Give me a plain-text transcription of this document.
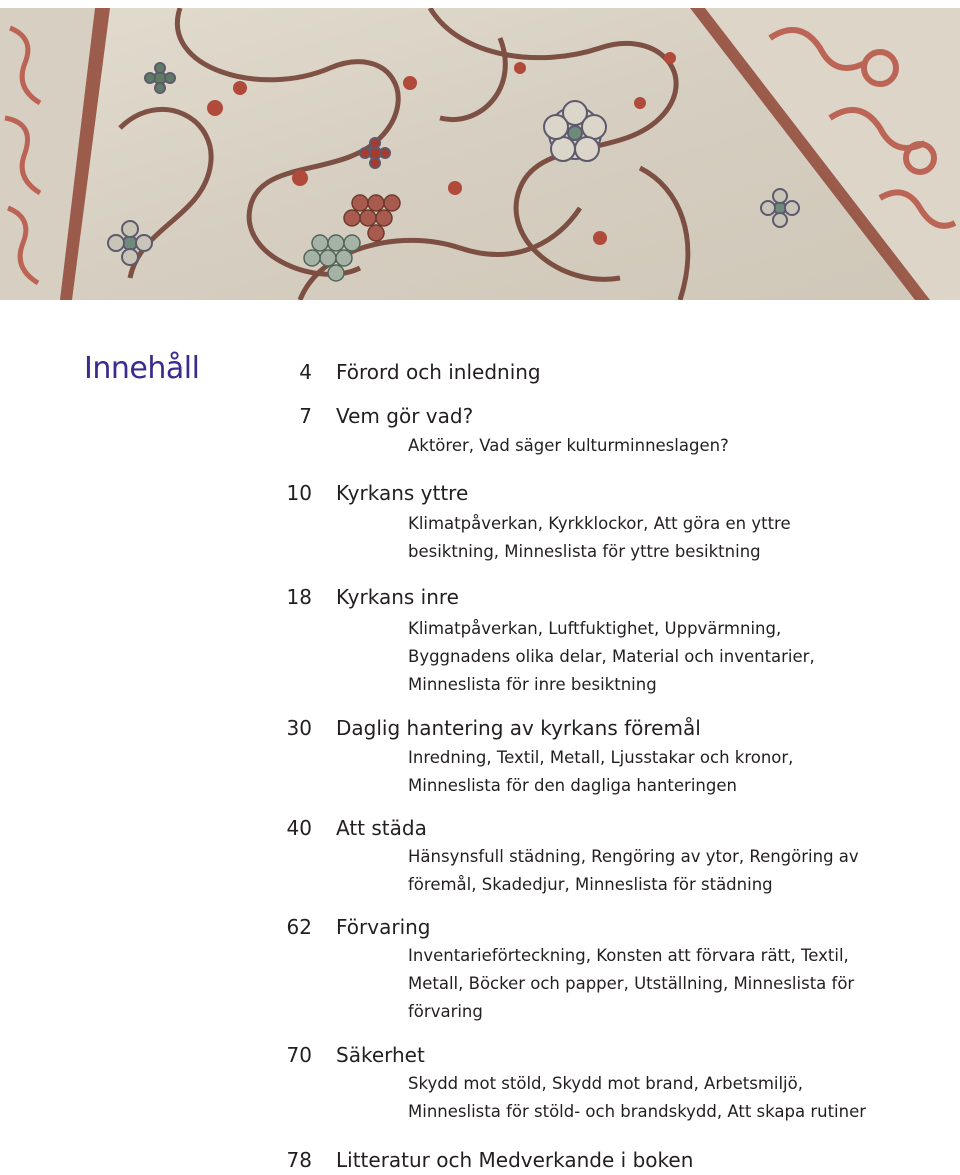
Innehåll	4 Förord och inledning
7 Vem gör vad?
Aktörer, Vad säger kulturminneslagen?
10 Kyrkans yttre
Klimatpåverkan, Kyrkklockor, Att göra en yttre
besiktning, Minneslista för yttre besiktning
18 Kyrkans inre
Klimatpåverkan, Luftfuktighet, Uppvärmning,
Byggnadens olika delar, Material och inventarier,
Minneslista för inre besiktning
30 Daglig hantering av kyrkans föremål
Inredning, Textil, Metall, Ljusstakar och kronor,
Minneslista för den dagliga hanteringen
40 Att städa
Hänsynsfull städning, Rengöring av ytor, Rengöring av
föremål, Skadedjur, Minneslista för städning
62 Förvaring
Inventarieförteckning, Konsten att förvara rätt, Textil,
Metall, Böcker och papper, Utställning, Minneslista för
förvaring
70 Säkerhet
Skydd mot stöld, Skydd mot brand, Arbetsmiljö,
Minneslista för stöld- och brandskydd, Att skapa rutiner
78 Litteratur och Medverkande i boken
